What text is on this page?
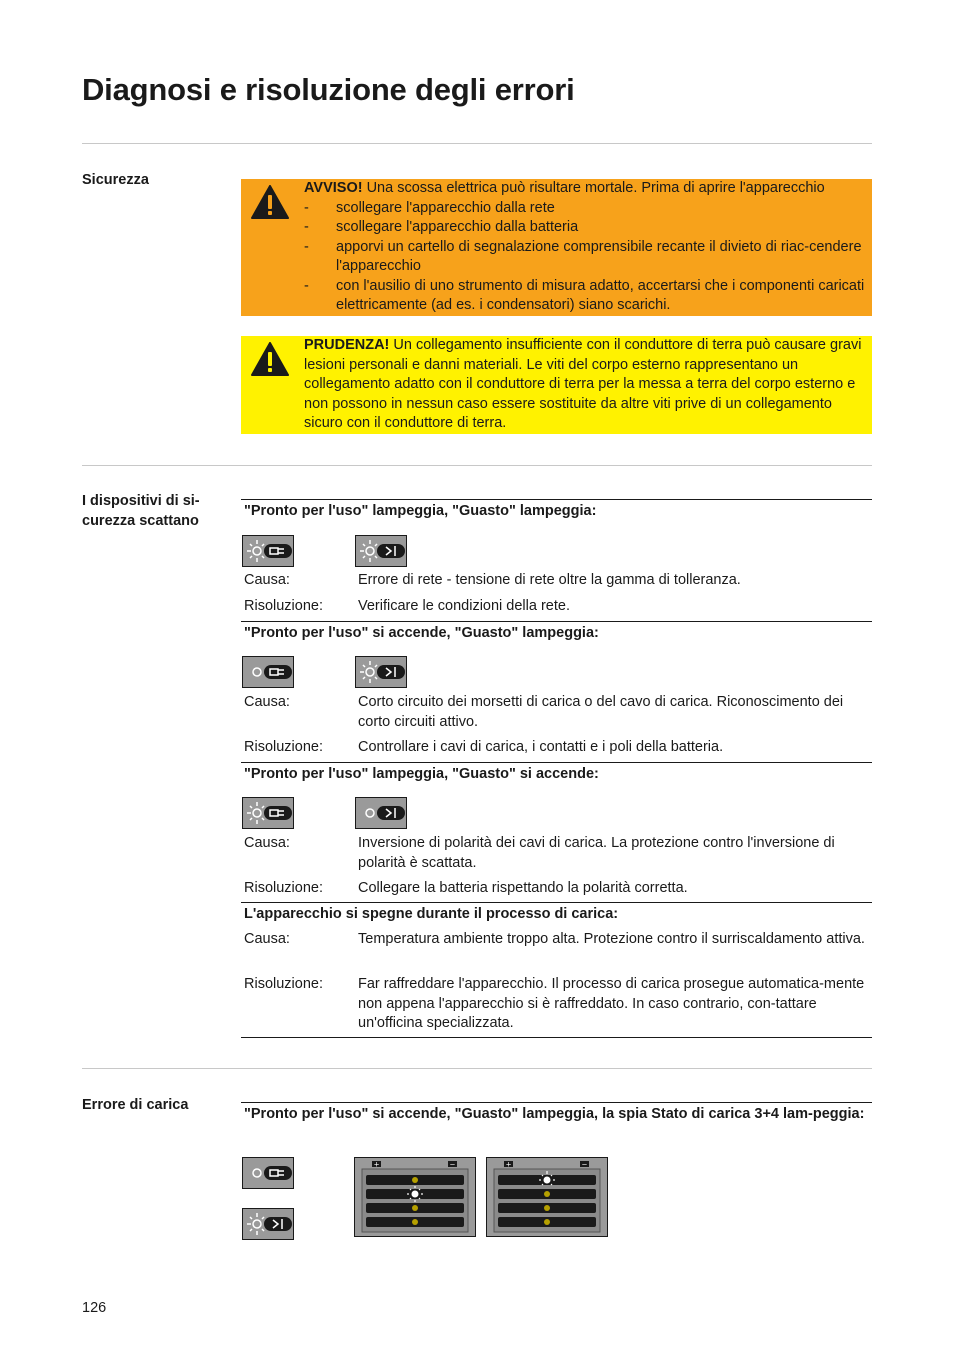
Diagnosi e risoluzione degli errori
Sicurezza	AVVISO! Una scossa elettrica può risultare mortale. Prima di aprire l'apparecchio

-	scollegare l'apparecchio dalla rete
-	scollegare l'apparecchio dalla batteria
-	apporvi un cartello di segnalazione comprensibile recante il divieto di riac-cendere l'apparecchio
-	con l'ausilio di uno strumento di misura adatto, accertarsi che i componenti caricati elettricamente (ad es. i condensatori) siano scarichi.

PRUDENZA! Un collegamento insufficiente con il conduttore di terra può causare gravi lesioni personali e danni materiali. Le viti del corpo esterno rappresentano un collegamento adatto con il conduttore di terra per la messa a terra del corpo esterno e non possono in nessun caso essere sostituite da altre viti prive di un collegamento sicuro con il conduttore di terra.

I dispositivi di si-curezza scattano
"Pronto per l'uso" lampeggia, "Guasto" lampeggia:
Causa:	Errore di rete - tensione di rete oltre la gamma di tolleranza.
Risoluzione:	Verificare le condizioni della rete.
"Pronto per l'uso" si accende, "Guasto" lampeggia:
Causa:	Corto circuito dei morsetti di carica o del cavo di carica. Riconoscimento dei corto circuiti attivo.
Risoluzione:	Controllare i cavi di carica, i contatti e i poli della batteria.
"Pronto per l'uso" lampeggia, "Guasto" si accende:
Causa:	Inversione di polarità dei cavi di carica. La protezione contro l'inversione di polarità è scattata.
Risoluzione:	Collegare la batteria rispettando la polarità corretta.
L'apparecchio si spegne durante il processo di carica:
Causa:	Temperatura ambiente troppo alta. Protezione contro il surriscaldamento attiva.
Risoluzione:	Far raffreddare l'apparecchio. Il processo di carica prosegue automatica-mente non appena l'apparecchio si è raffreddato. In caso contrario, con-tattare un'officina specializzata.
Errore di carica
"Pronto per l'uso" si accende, "Guasto" lampeggia, la spia Stato di carica 3+4 lam-peggia:
+	−	+	−
126
